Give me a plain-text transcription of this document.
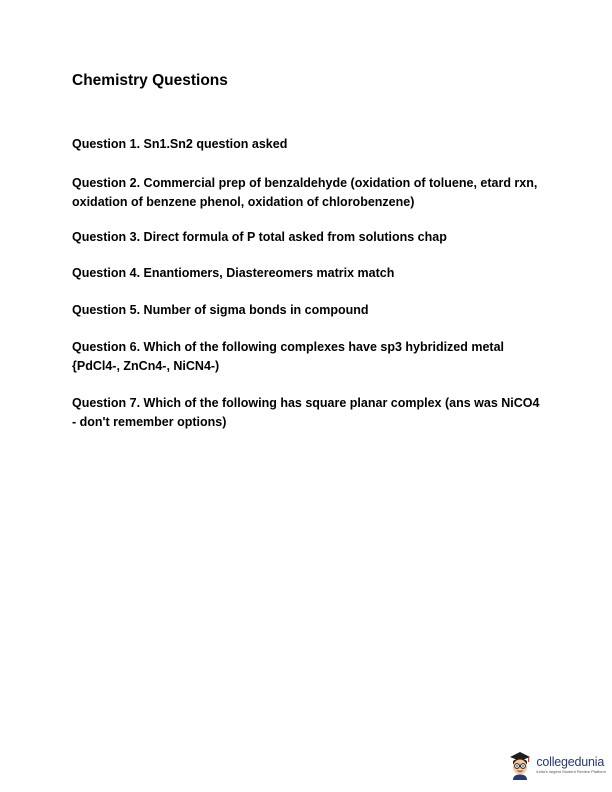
Chemistry Questions

Question 1. Sn1.Sn2 question asked

Question 2. Commercial prep of benzaldehyde (oxidation of toluene, etard rxn, oxidation of benzene phenol, oxidation of chlorobenzene)

Question 3. Direct formula of P total asked from solutions chap

Question 4. Enantiomers, Diastereomers matrix match

Question 5. Number of sigma bonds in compound

Question 6. Which of the following complexes have sp3 hybridized metal {PdCl4-, ZnCn4-, NiCN4-)

Question 7. Which of the following has square planar complex (ans was NiCO4 - don't remember options)

collegedunia
India's largest Student Review Platform
